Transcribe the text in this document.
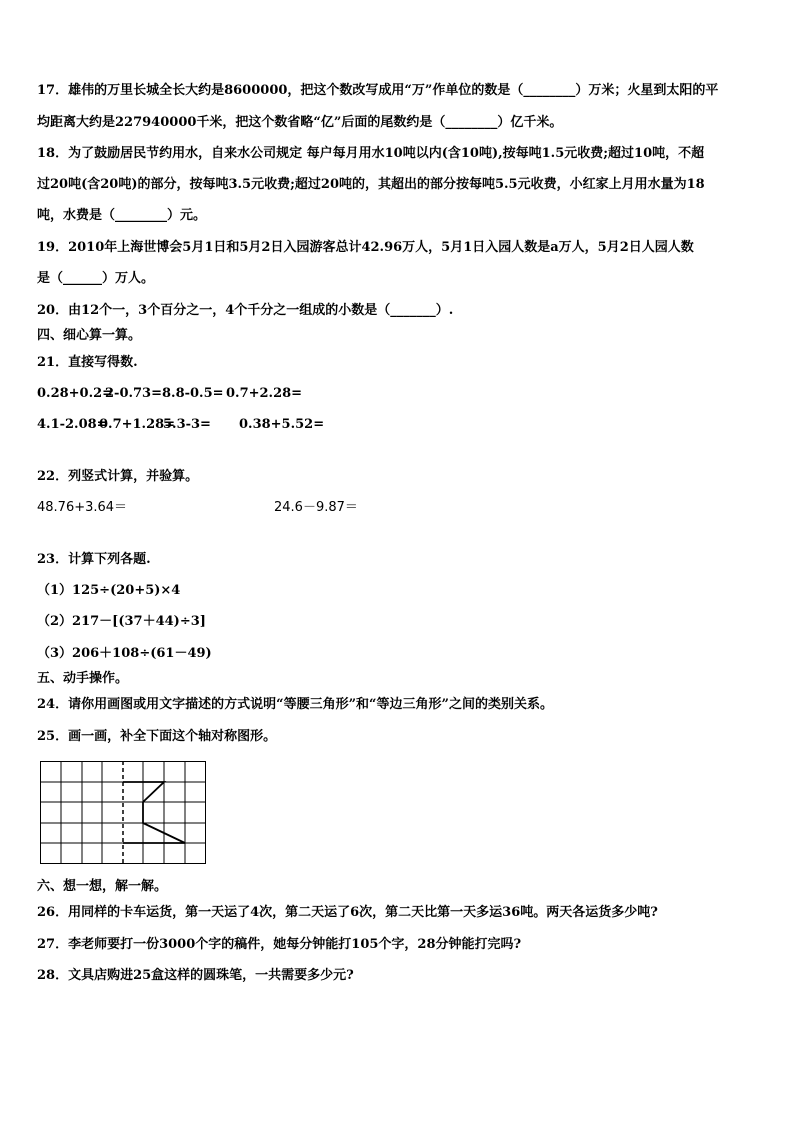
17．雄伟的万里长城全长大约是8600000，把这个数改写成用“万”作单位的数是（________）万米；火星到太阳的平
均距离大约是227940000千米，把这个数省略“亿”后面的尾数约是（________）亿千米。
18．为了鼓励居民节约用水，自来水公司规定 每户每月用水10吨以内(含10吨),按每吨1.5元收费;超过10吨，不超
过20吨(含20吨)的部分，按每吨3.5元收费;超过20吨的，其超出的部分按每吨5.5元收费，小红家上月用水量为18
吨，水费是（________）元。
19．2010年上海世博会5月1日和5月2日入园游客总计42.96万人，5月1日入园人数是a万人，5月2日人园人数
是（______）万人。
20．由12个一，3个百分之一，4个千分之一组成的小数是（_______）.
四、细心算一算。
21．直接写得数.
0.28+0.2=2-0.73=8.8-0.5= 0.7+2.28=
4.1-2.08=0.7+1.28=5.3-3= 0.38+5.52=
22．列竖式计算，并验算。
48.76+3.64＝	24.6－9.87＝
23．计算下列各题.
（1）125÷(20+5)×4
（2）217－[(37＋44)÷3]
（3）206＋108÷(61－49)
五、动手操作。
24．请你用画图或用文字描述的方式说明“等腰三角形”和“等边三角形”之间的类别关系。
25．画一画，补全下面这个轴对称图形。
六、想一想，解一解。
26．用同样的卡车运货，第一天运了4次，第二天运了6次，第二天比第一天多运36吨。两天各运货多少吨?
27．李老师要打一份3000个字的稿件，她每分钟能打105个字，28分钟能打完吗?
28．文具店购进25盒这样的圆珠笔，一共需要多少元?
